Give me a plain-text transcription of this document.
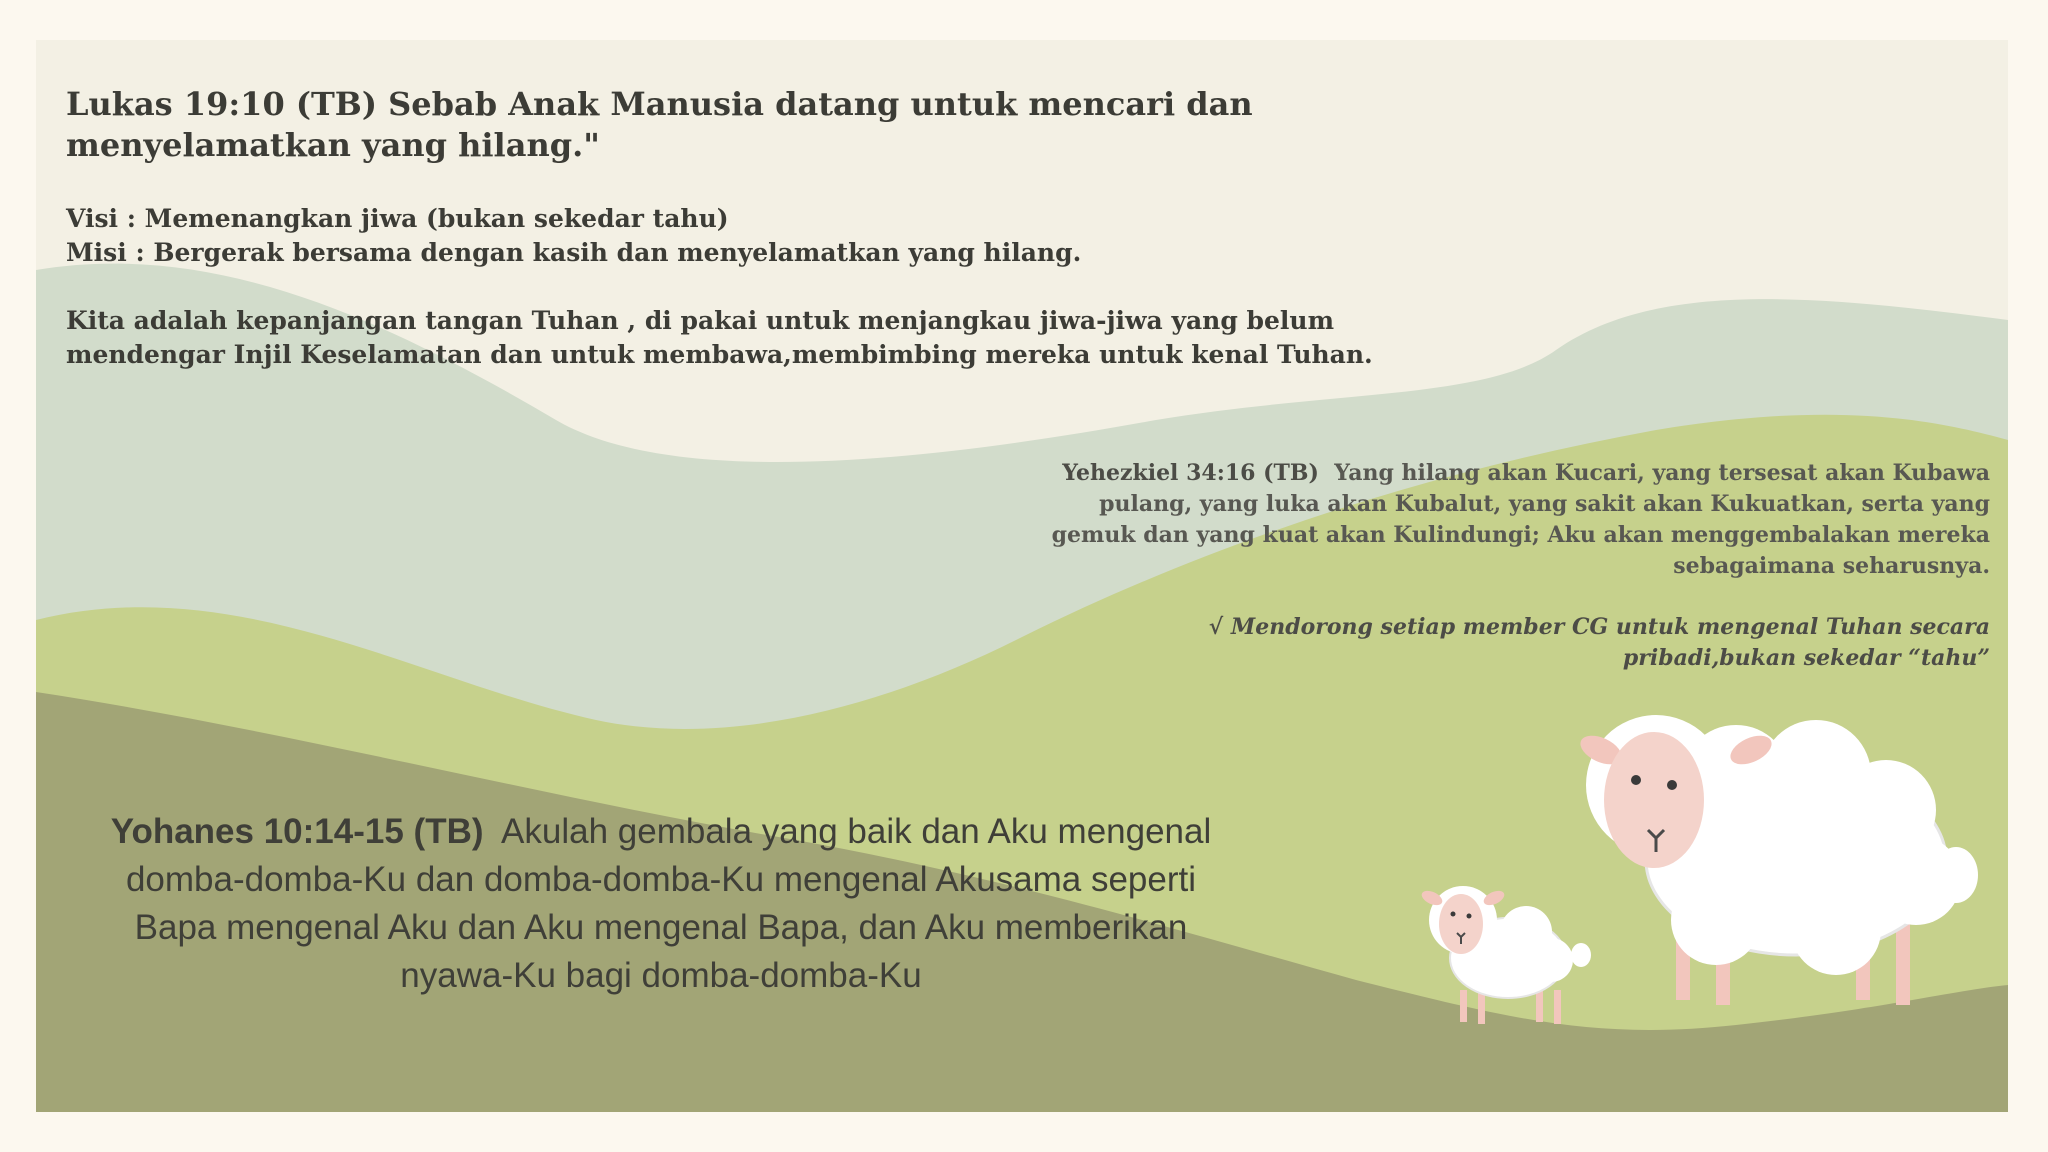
Lukas 19:10 (TB) Sebab Anak Manusia datang untuk mencari dan menyelamatkan yang hilang."
Visi : Memenangkan jiwa (bukan sekedar tahu)
Misi : Bergerak bersama dengan kasih dan menyelamatkan yang hilang.
Kita adalah kepanjangan tangan Tuhan , di pakai untuk menjangkau jiwa-jiwa yang belum mendengar Injil Keselamatan dan untuk membawa,membimbing mereka untuk kenal Tuhan.

Yehezkiel 34:16 (TB) Yang hilang akan Kucari, yang tersesat akan Kubawa pulang, yang luka akan Kubalut, yang sakit akan Kukuatkan, serta yang gemuk dan yang kuat akan Kulindungi; Aku akan menggembalakan mereka sebagaimana seharusnya.

√ Mendorong setiap member CG untuk mengenal Tuhan secara pribadi,bukan sekedar “tahu”

Yohanes 10:14-15 (TB) Akulah gembala yang baik dan Aku mengenal domba-domba-Ku dan domba-domba-Ku mengenal Akusama seperti Bapa mengenal Aku dan Aku mengenal Bapa, dan Aku memberikan nyawa-Ku bagi domba-domba-Ku
